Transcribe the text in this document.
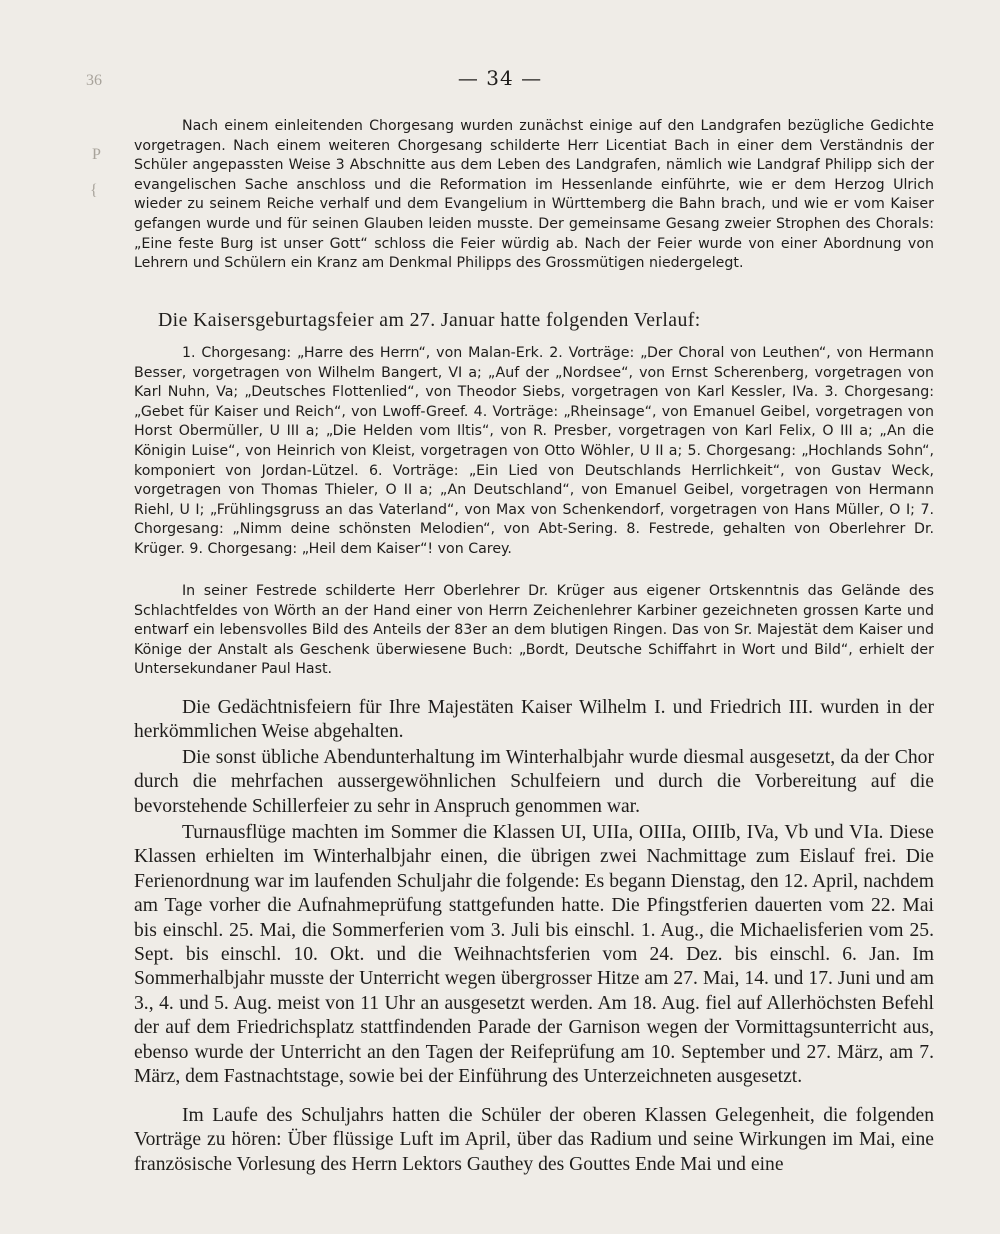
36
P
{
— 34 —
Nach einem einleitenden Chorgesang wurden zunächst einige auf den Landgrafen bezügliche Gedichte vorgetragen. Nach einem weiteren Chorgesang schilderte Herr Licentiat Bach in einer dem Verständnis der Schüler angepassten Weise 3 Abschnitte aus dem Leben des Landgrafen, nämlich wie Landgraf Philipp sich der evangelischen Sache anschloss und die Reformation im Hessenlande einführte, wie er dem Herzog Ulrich wieder zu seinem Reiche verhalf und dem Evangelium in Württemberg die Bahn brach, und wie er vom Kaiser gefangen wurde und für seinen Glauben leiden musste. Der gemeinsame Gesang zweier Strophen des Chorals: „Eine feste Burg ist unser Gott“ schloss die Feier würdig ab. Nach der Feier wurde von einer Abordnung von Lehrern und Schülern ein Kranz am Denkmal Philipps des Grossmütigen niedergelegt.
Die Kaisersgeburtagsfeier am 27. Januar hatte folgenden Verlauf:
1. Chorgesang: „Harre des Herrn“, von Malan-Erk. 2. Vorträge: „Der Choral von Leuthen“, von Hermann Besser, vorgetragen von Wilhelm Bangert, VI a; „Auf der „Nordsee“, von Ernst Scherenberg, vorgetragen von Karl Nuhn, Va; „Deutsches Flottenlied“, von Theodor Siebs, vorgetragen von Karl Kessler, IVa. 3. Chorgesang: „Gebet für Kaiser und Reich“, von Lwoff-Greef. 4. Vorträge: „Rheinsage“, von Emanuel Geibel, vorgetragen von Horst Obermüller, U III a; „Die Helden vom Iltis“, von R. Presber, vorgetragen von Karl Felix, O III a; „An die Königin Luise“, von Heinrich von Kleist, vorgetragen von Otto Wöhler, U II a; 5. Chorgesang: „Hochlands Sohn“, komponiert von Jordan-Lützel. 6. Vorträge: „Ein Lied von Deutschlands Herrlichkeit“, von Gustav Weck, vorgetragen von Thomas Thieler, O II a; „An Deutschland“, von Emanuel Geibel, vorgetragen von Hermann Riehl, U I; „Frühlingsgruss an das Vaterland“, von Max von Schenkendorf, vorgetragen von Hans Müller, O I; 7. Chorgesang: „Nimm deine schönsten Melodien“, von Abt-Sering. 8. Festrede, gehalten von Oberlehrer Dr. Krüger. 9. Chorgesang: „Heil dem Kaiser“! von Carey.
In seiner Festrede schilderte Herr Oberlehrer Dr. Krüger aus eigener Ortskenntnis das Gelände des Schlachtfeldes von Wörth an der Hand einer von Herrn Zeichenlehrer Karbiner gezeichneten grossen Karte und entwarf ein lebensvolles Bild des Anteils der 83er an dem blutigen Ringen. Das von Sr. Majestät dem Kaiser und Könige der Anstalt als Geschenk überwiesene Buch: „Bordt, Deutsche Schiffahrt in Wort und Bild“, erhielt der Untersekundaner Paul Hast.
Die Gedächtnisfeiern für Ihre Majestäten Kaiser Wilhelm I. und Friedrich III. wurden in der herkömmlichen Weise abgehalten.
Die sonst übliche Abendunterhaltung im Winterhalbjahr wurde diesmal ausgesetzt, da der Chor durch die mehrfachen aussergewöhnlichen Schulfeiern und durch die Vorbereitung auf die bevorstehende Schillerfeier zu sehr in Anspruch genommen war.
Turnausflüge machten im Sommer die Klassen UI, UIIa, OIIIa, OIIIb, IVa, Vb und VIa. Diese Klassen erhielten im Winterhalbjahr einen, die übrigen zwei Nachmittage zum Eislauf frei. Die Ferienordnung war im laufenden Schuljahr die folgende: Es begann Dienstag, den 12. April, nachdem am Tage vorher die Aufnahmeprüfung stattgefunden hatte. Die Pfingstferien dauerten vom 22. Mai bis einschl. 25. Mai, die Sommerferien vom 3. Juli bis einschl. 1. Aug., die Michaelisferien vom 25. Sept. bis einschl. 10. Okt. und die Weihnachtsferien vom 24. Dez. bis einschl. 6. Jan. Im Sommerhalbjahr musste der Unterricht wegen übergrosser Hitze am 27. Mai, 14. und 17. Juni und am 3., 4. und 5. Aug. meist von 11 Uhr an ausgesetzt werden. Am 18. Aug. fiel auf Allerhöchsten Befehl der auf dem Friedrichsplatz stattfindenden Parade der Garnison wegen der Vormittagsunterricht aus, ebenso wurde der Unterricht an den Tagen der Reifeprüfung am 10. September und 27. März, am 7. März, dem Fastnachtstage, sowie bei der Einführung des Unterzeichneten ausgesetzt.
Im Laufe des Schuljahrs hatten die Schüler der oberen Klassen Gelegenheit, die folgenden Vorträge zu hören: Über flüssige Luft im April, über das Radium und seine Wirkungen im Mai, eine französische Vorlesung des Herrn Lektors Gauthey des Gouttes Ende Mai und eine
